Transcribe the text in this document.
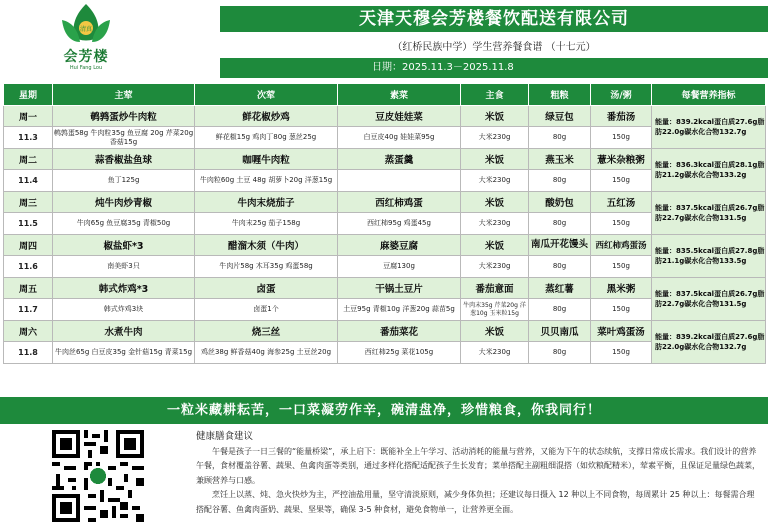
清真
会芳楼
Hui Fang Lou
天津天穆会芳楼餐饮配送有限公司
（红桥民族中学）学生营养餐食谱 （十七元）
日期：2025.11.3－2025.11.8
星期	主荤	次荤	素菜	主食	粗粮	汤/粥	每餐营养指标
周一	鹌鹑蛋炒牛肉粒	鲜花椒炒鸡	豆皮娃娃菜	米饭	绿豆包	番茄汤	能量：839.2kcal蛋白质27.6g脂肪22.0g碳水化合物132.7g
11.3	鹌鹑蛋58g 牛肉粒35g 鱼豆腐 20g 芹菜20g 香菇15g	鲜花椒15g 鸡肉丁80g 葱丝25g	白豆皮40g 娃娃菜95g	大米230g	80g	150g	
周二	蒜香椒盐鱼球	咖喱牛肉粒	蒸蛋羹	米饭	燕玉米	薏米杂粮粥	能量：836.3kcal蛋白质28.1g脂肪21.2g碳水化合物133.2g
11.4	鱼丁125g	牛肉粒60g 土豆 48g 胡萝卜20g 洋葱15g		大米230g	80g	150g	
周三	炖牛肉炒青椒	牛肉末烧茄子	西红柿鸡蛋	米饭	酸奶包	五红汤	能量：837.5kcal蛋白质26.7g脂肪22.7g碳水化合物131.5g
11.5	牛肉65g 鱼豆腐35g 青椒50g	牛肉末25g 茄子158g	西红柿95g 鸡蛋45g	大米230g	80g	150g	
周四	椒盐虾*3	醋溜木须（牛肉）	麻婆豆腐	米饭	南瓜开花馒头	西红柿鸡蛋汤	能量：835.5kcal蛋白质27.8g脂肪21.1g碳水化合物133.5g
11.6	南美虾3只	牛肉片58g 木耳35g 鸡蛋58g	豆腐130g	大米230g	80g	150g	
周五	韩式炸鸡*3	卤蛋	干锅土豆片	番茄意面	蒸红薯	黑米粥	能量：837.5kcal蛋白质26.7g脂肪22.7g碳水化合物131.5g
11.7	韩式炸鸡3块	卤蛋1个	土豆95g 青椒10g 洋葱20g 蒜苗5g	牛肉末35g 芹菜20g 洋葱10g 玉米粒15g	80g	150g	
周六	水煮牛肉	烧三丝	番茄菜花	米饭	贝贝南瓜	菜叶鸡蛋汤	能量：839.2kcal蛋白质27.6g脂肪22.0g碳水化合物132.7g
11.8	牛肉丝65g 白豆皮35g 金针菇15g 青菜15g	鸡丝38g 鲜香菇40g 海参25g 土豆丝20g	西红柿25g 菜花105g	大米230g	80g	150g	
一粒米藏耕耘苦，一口菜凝劳作辛，碗清盘净，珍惜粮食，你我同行！
健康膳食建议

午餐是孩子一日三餐的“能量桥梁”，承上启下：既能补全上午学习、活动消耗的能量与营养，又能为下午的状态续航，支撑日常成长需求。我们设计的营养午餐，食材覆盖谷薯、蔬果、鱼禽肉蛋等类别，通过多样化搭配适配孩子生长发育；菜单搭配主副粗细混搭（如炊粮配精米），荤素平衡，且保证足量绿色蔬菜，兼顾营养与口感。

烹饪上以蒸、炖、急火快炒为主，严控油盐用量，坚守清淡原则，减少身体负担；还建议每日摄入 12 种以上不同食物，每周累计 25 种以上：每餐需合理搭配谷薯、鱼禽肉蛋奶、蔬果、坚果等，确保 3-5 种食材，避免食物单一，让营养更全面。
